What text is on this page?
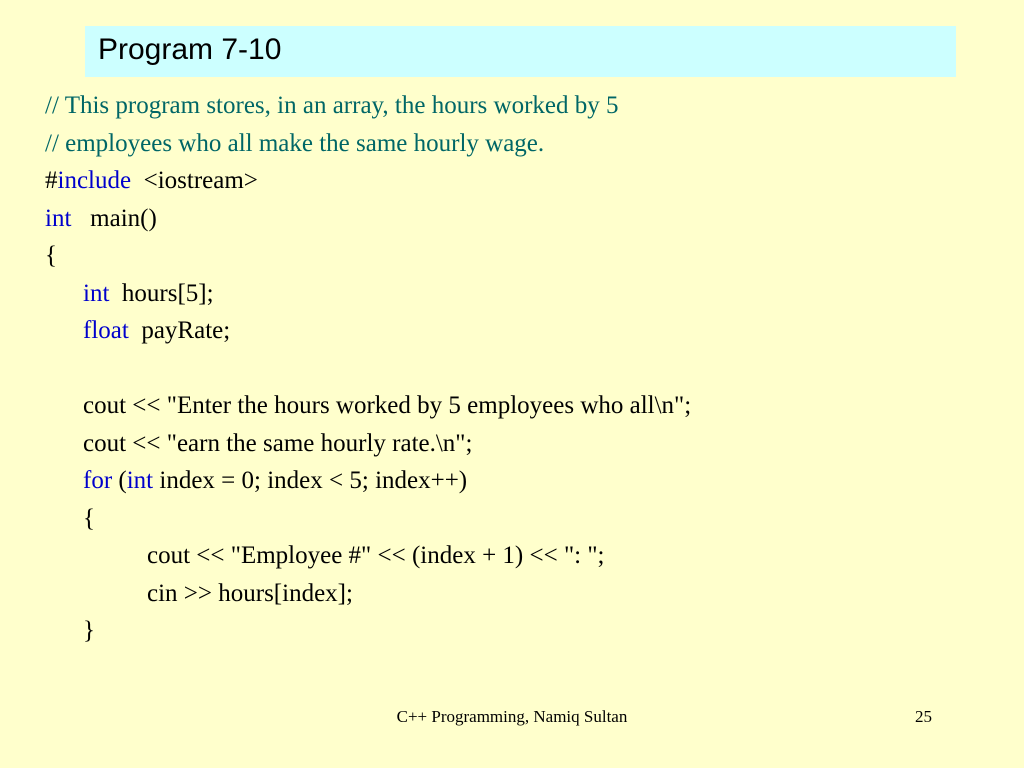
Program 7-10
// This program stores, in an array, the hours worked by 5
// employees who all make the same hourly wage.
#include  <iostream>
int   main()
{
int  hours[5];
float  payRate;
cout << "Enter the hours worked by 5 employees who all\n";
cout << "earn the same hourly rate.\n";
for (int index = 0; index < 5; index++)
{
cout << "Employee #" << (index + 1) << ": ";
cin >> hours[index];
}
C++ Programming, Namiq Sultan	25
